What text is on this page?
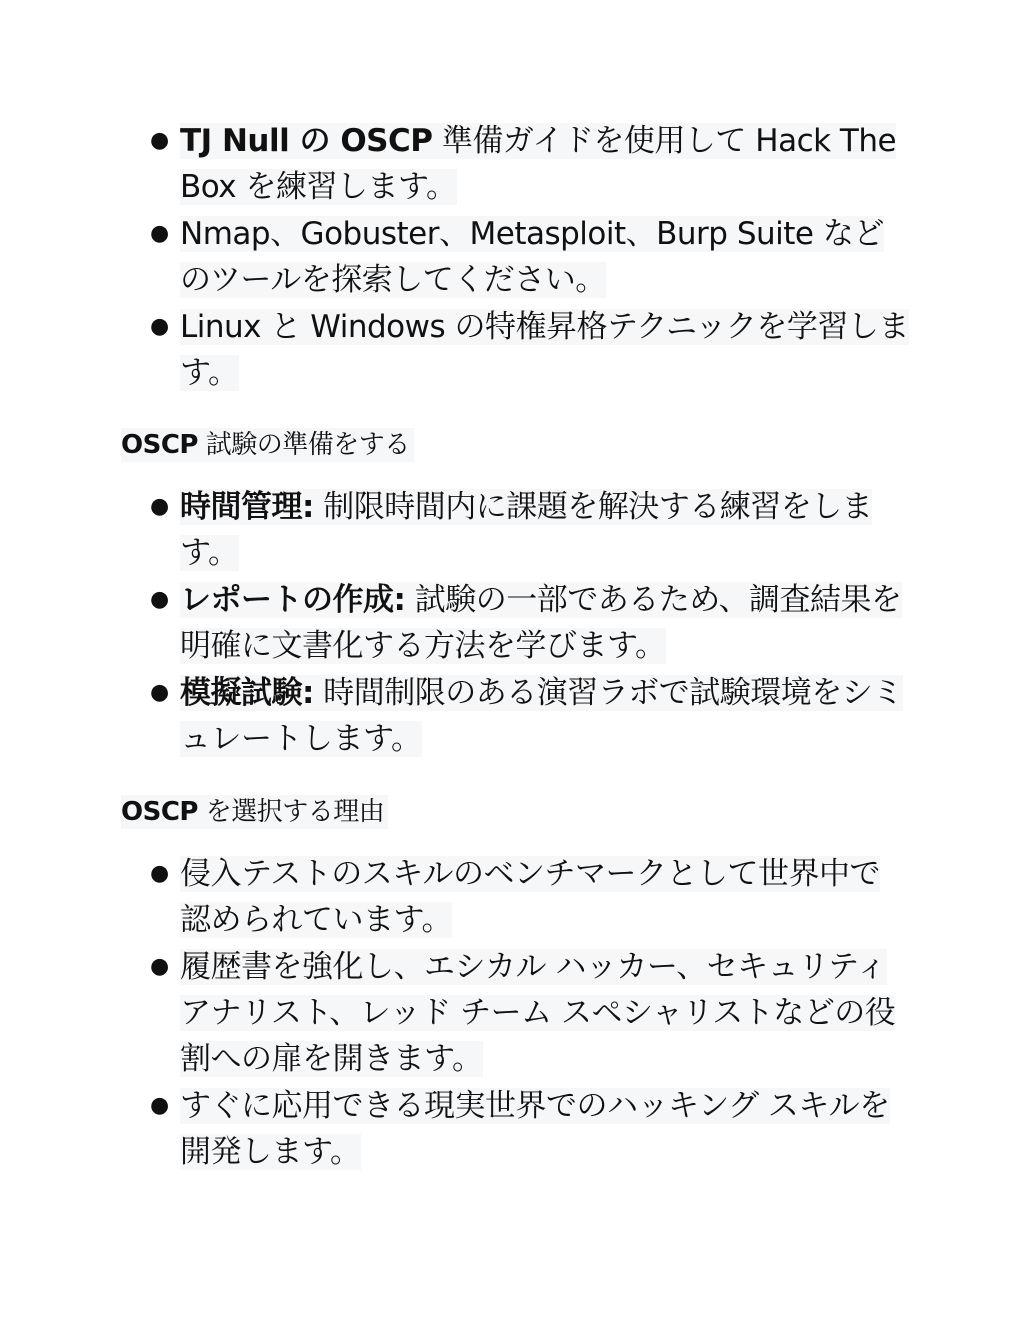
● TJ Null の OSCP 準備ガイドを使用して Hack The Box を練習します。
● Nmap、Gobuster、Metasploit、Burp Suite などのツールを探索してください。
● Linux と Windows の特権昇格テクニックを学習します。
OSCP 試験の準備をする
● 時間管理: 制限時間内に課題を解決する練習をします。
● レポートの作成: 試験の一部であるため、調査結果を明確に文書化する方法を学びます。
● 模擬試験: 時間制限のある演習ラボで試験環境をシミュレートします。
OSCP を選択する理由
● 侵入テストのスキルのベンチマークとして世界中で認められています。
● 履歴書を強化し、エシカル ハッカー、セキュリティ アナリスト、レッド チーム スペシャリストなどの役割への扉を開きます。
● すぐに応用できる現実世界でのハッキング スキルを開発します。
